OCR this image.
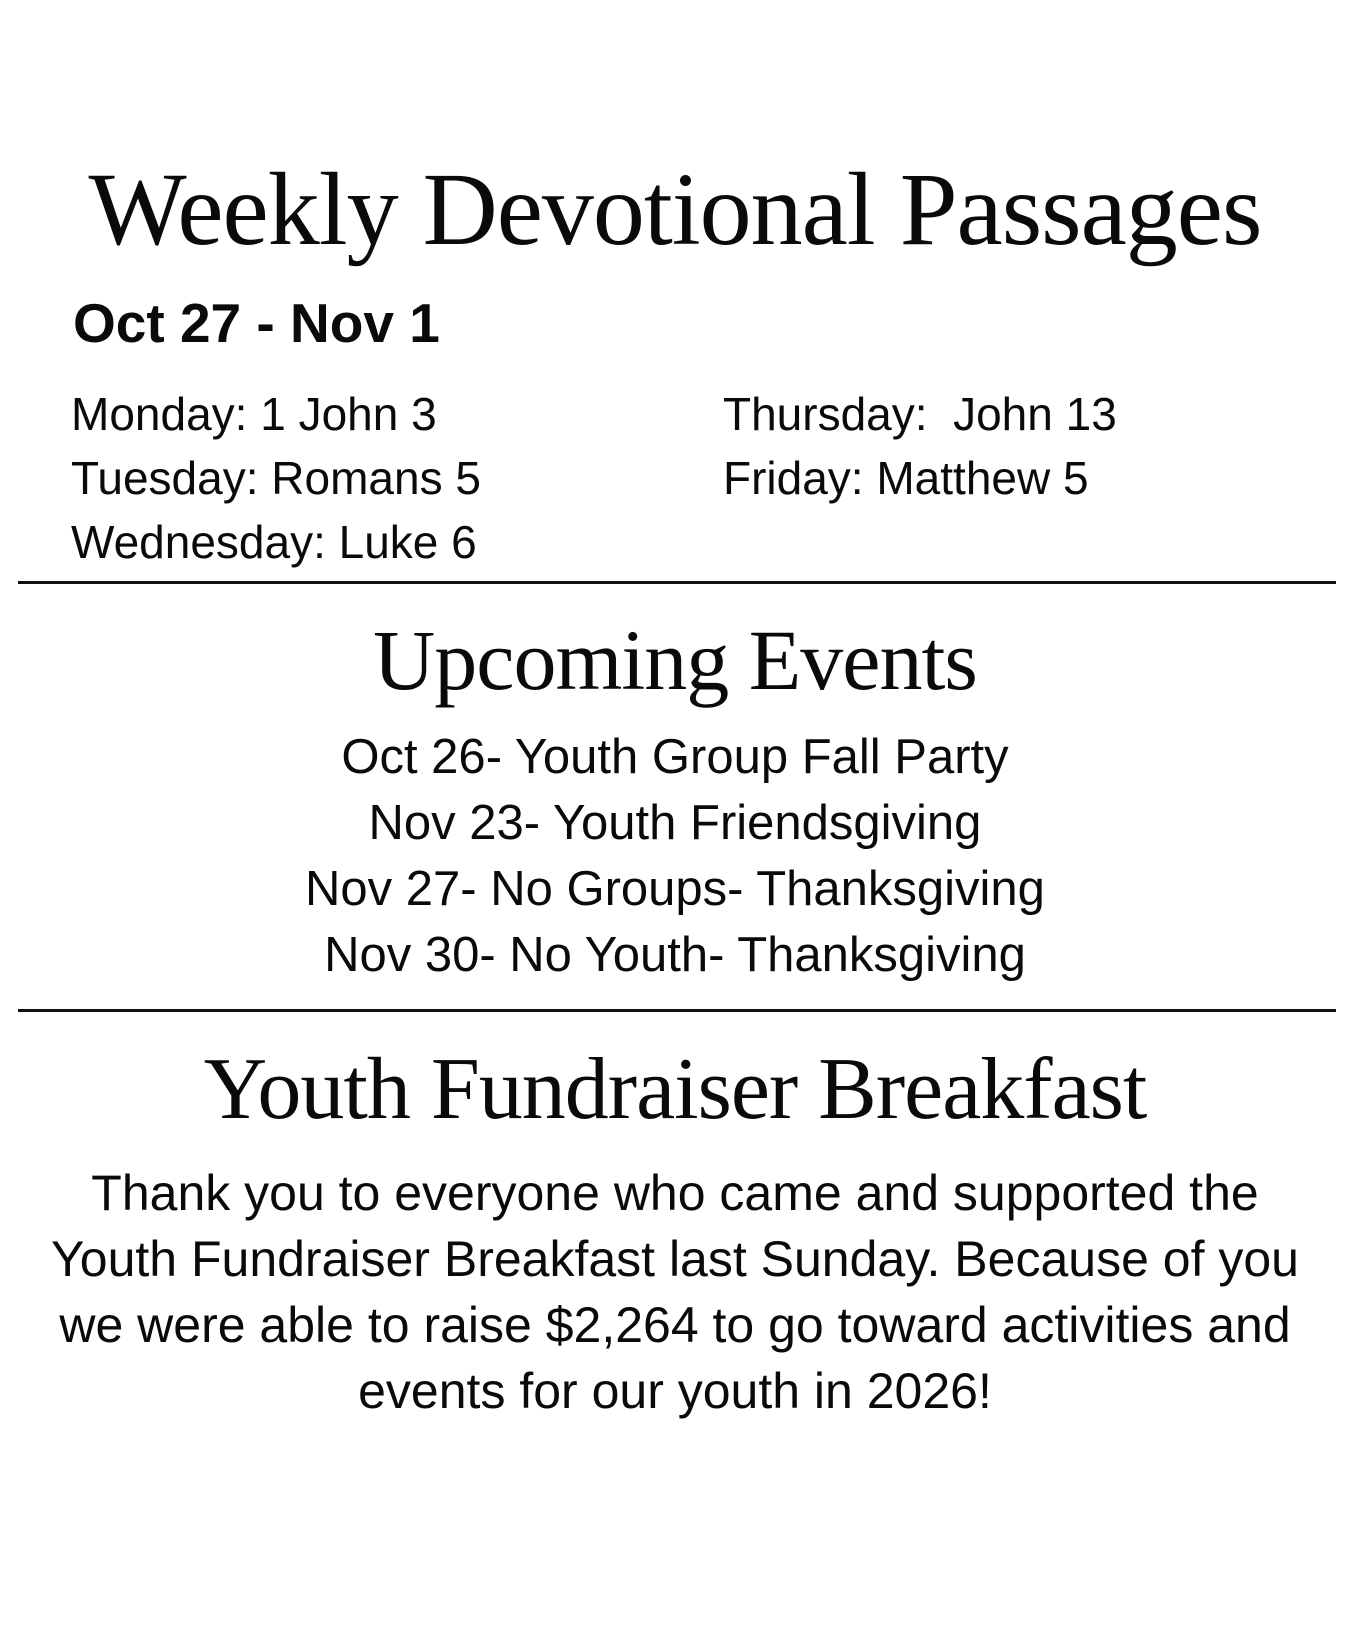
Weekly Devotional Passages
Oct 27 - Nov 1
Monday: 1 John 3
Tuesday: Romans 5
Wednesday: Luke 6
Thursday:  John 13
Friday: Matthew 5
Upcoming Events
Oct 26- Youth Group Fall Party
Nov 23- Youth Friendsgiving
Nov 27- No Groups- Thanksgiving
Nov 30- No Youth- Thanksgiving
Youth Fundraiser Breakfast

Thank you to everyone who came and supported the Youth Fundraiser Breakfast last Sunday. Because of you we were able to raise $2,264 to go toward activities and events for our youth in 2026!
